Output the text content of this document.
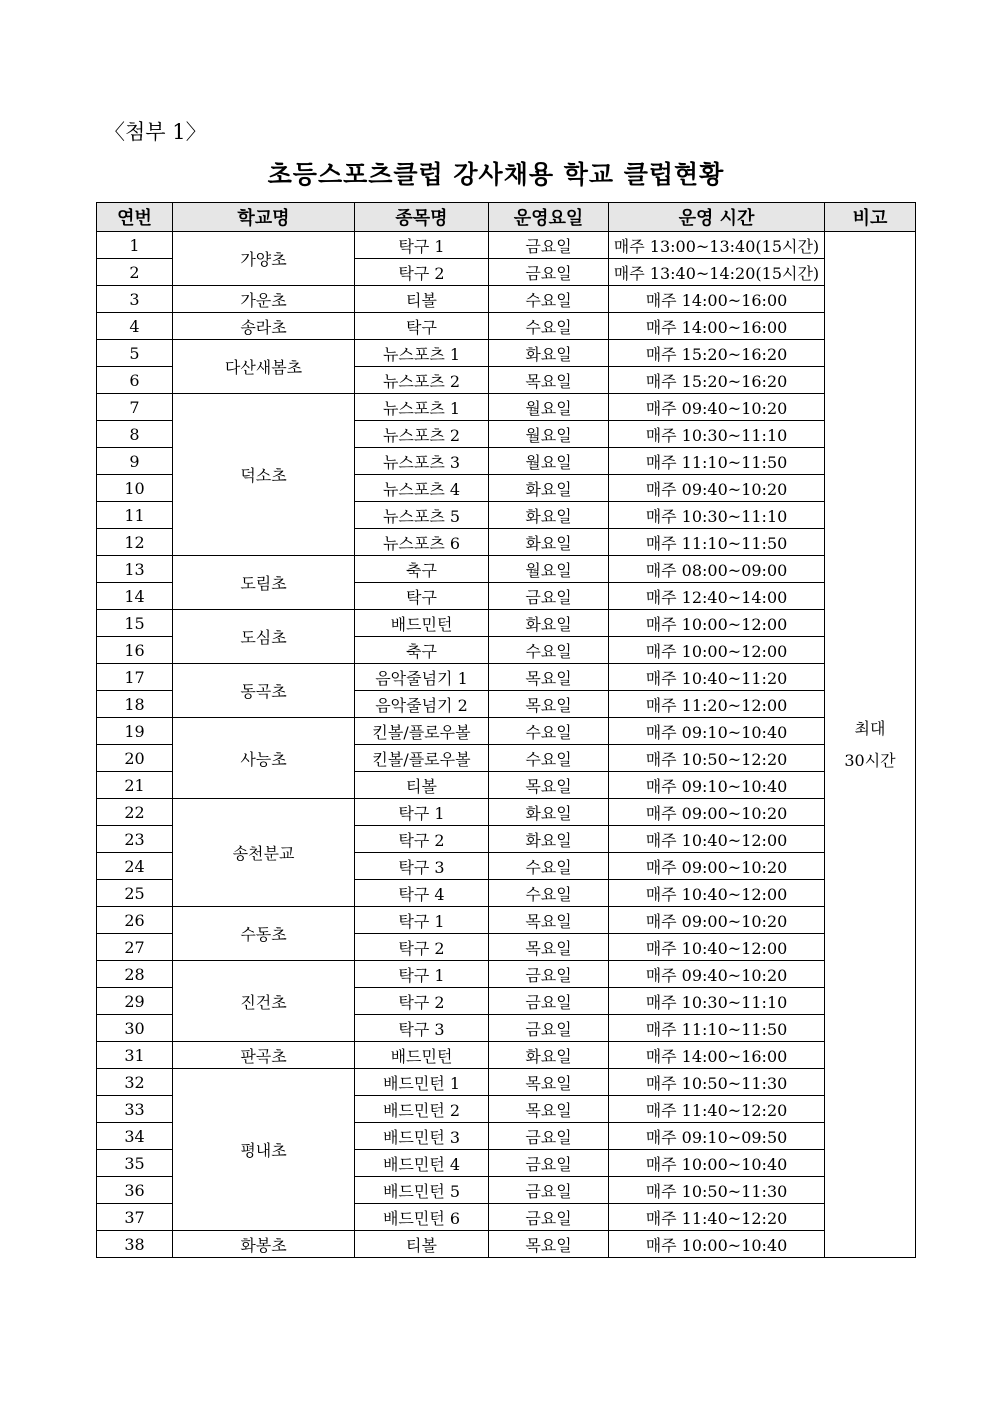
〈첨부 1〉
초등스포츠클럽 강사채용 학교 클럽현황
연번	학교명	종목명	운영요일	운영 시간	비고
1	가양초	탁구 1	금요일	매주 13:00~13:40(15시간)	최대
30시간

2		탁구 2	금요일	매주 13:40~14:20(15시간)	
3	가운초	티볼	수요일	매주 14:00~16:00	
4	송라초	탁구	수요일	매주 14:00~16:00	
5	다산새봄초	뉴스포츠 1	화요일	매주 15:20~16:20	
6		뉴스포츠 2	목요일	매주 15:20~16:20	
7	덕소초	뉴스포츠 1	월요일	매주 09:40~10:20	
8		뉴스포츠 2	월요일	매주 10:30~11:10	
9		뉴스포츠 3	월요일	매주 11:10~11:50	
10		뉴스포츠 4	화요일	매주 09:40~10:20	
11		뉴스포츠 5	화요일	매주 10:30~11:10	
12		뉴스포츠 6	화요일	매주 11:10~11:50	
13	도림초	축구	월요일	매주 08:00~09:00	
14		탁구	금요일	매주 12:40~14:00	
15	도심초	배드민턴	화요일	매주 10:00~12:00	
16		축구	수요일	매주 10:00~12:00	
17	동곡초	음악줄넘기 1	목요일	매주 10:40~11:20	
18		음악줄넘기 2	목요일	매주 11:20~12:00	
19	사능초	킨볼/플로우볼	수요일	매주 09:10~10:40	
20		킨볼/플로우볼	수요일	매주 10:50~12:20	
21		티볼	목요일	매주 09:10~10:40	
22	송천분교	탁구 1	화요일	매주 09:00~10:20	
23		탁구 2	화요일	매주 10:40~12:00	
24		탁구 3	수요일	매주 09:00~10:20	
25		탁구 4	수요일	매주 10:40~12:00	
26	수동초	탁구 1	목요일	매주 09:00~10:20	
27		탁구 2	목요일	매주 10:40~12:00	
28	진건초	탁구 1	금요일	매주 09:40~10:20	
29		탁구 2	금요일	매주 10:30~11:10	
30		탁구 3	금요일	매주 11:10~11:50	
31	판곡초	배드민턴	화요일	매주 14:00~16:00	
32	평내초	배드민턴 1	목요일	매주 10:50~11:30	
33		배드민턴 2	목요일	매주 11:40~12:20	
34		배드민턴 3	금요일	매주 09:10~09:50	
35		배드민턴 4	금요일	매주 10:00~10:40	
36		배드민턴 5	금요일	매주 10:50~11:30	
37		배드민턴 6	금요일	매주 11:40~12:20	
38	화봉초	티볼	목요일	매주 10:00~10:40	
